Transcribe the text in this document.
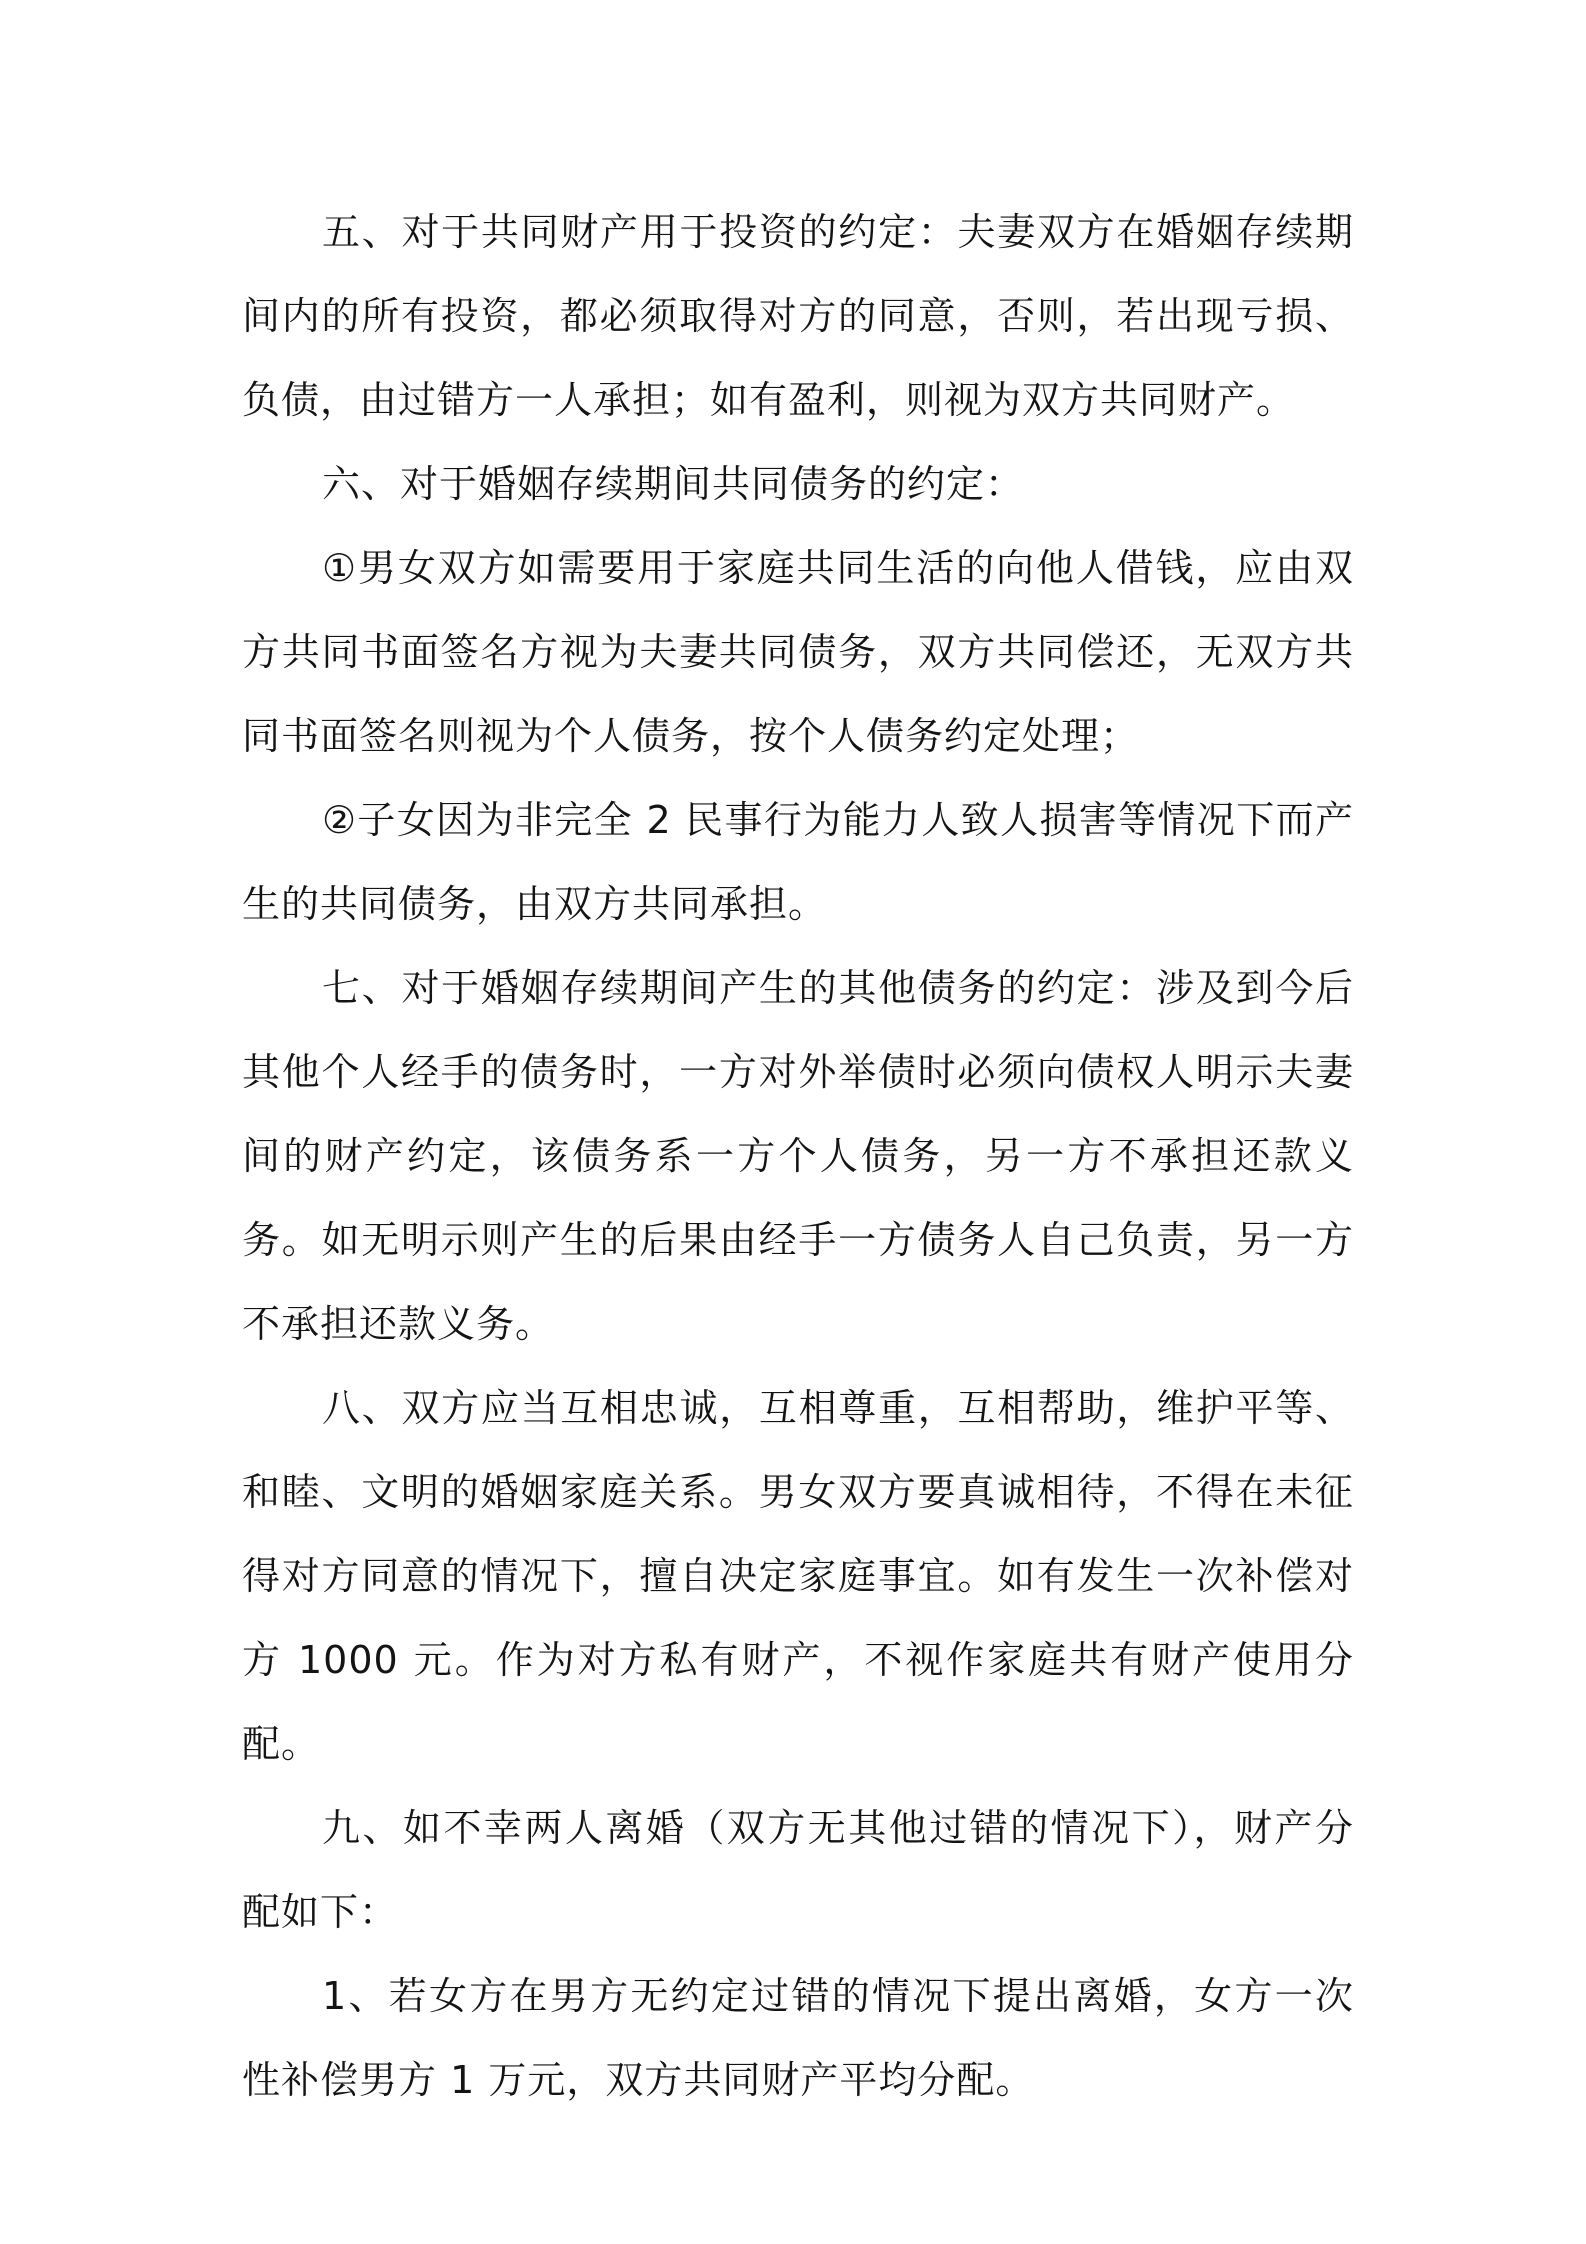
五、对于共同财产用于投资的约定：夫妻双方在婚姻存续期间内的所有投资，都必须取得对方的同意，否则，若出现亏损、负债，由过错方一人承担；如有盈利，则视为双方共同财产。

六、对于婚姻存续期间共同债务的约定：

①男女双方如需要用于家庭共同生活的向他人借钱，应由双方共同书面签名方视为夫妻共同债务，双方共同偿还，无双方共同书面签名则视为个人债务，按个人债务约定处理；

②子女因为非完全 2 民事行为能力人致人损害等情况下而产生的共同债务，由双方共同承担。

七、对于婚姻存续期间产生的其他债务的约定：涉及到今后其他个人经手的债务时，一方对外举债时必须向债权人明示夫妻间的财产约定，该债务系一方个人债务，另一方不承担还款义务。如无明示则产生的后果由经手一方债务人自己负责，另一方不承担还款义务。

八、双方应当互相忠诚，互相尊重，互相帮助，维护平等、和睦、文明的婚姻家庭关系。男女双方要真诚相待，不得在未征得对方同意的情况下，擅自决定家庭事宜。如有发生一次补偿对方 1000 元。作为对方私有财产，不视作家庭共有财产使用分配。

九、如不幸两人离婚（双方无其他过错的情况下），财产分配如下：

1、若女方在男方无约定过错的情况下提出离婚，女方一次性补偿男方 1 万元，双方共同财产平均分配。
